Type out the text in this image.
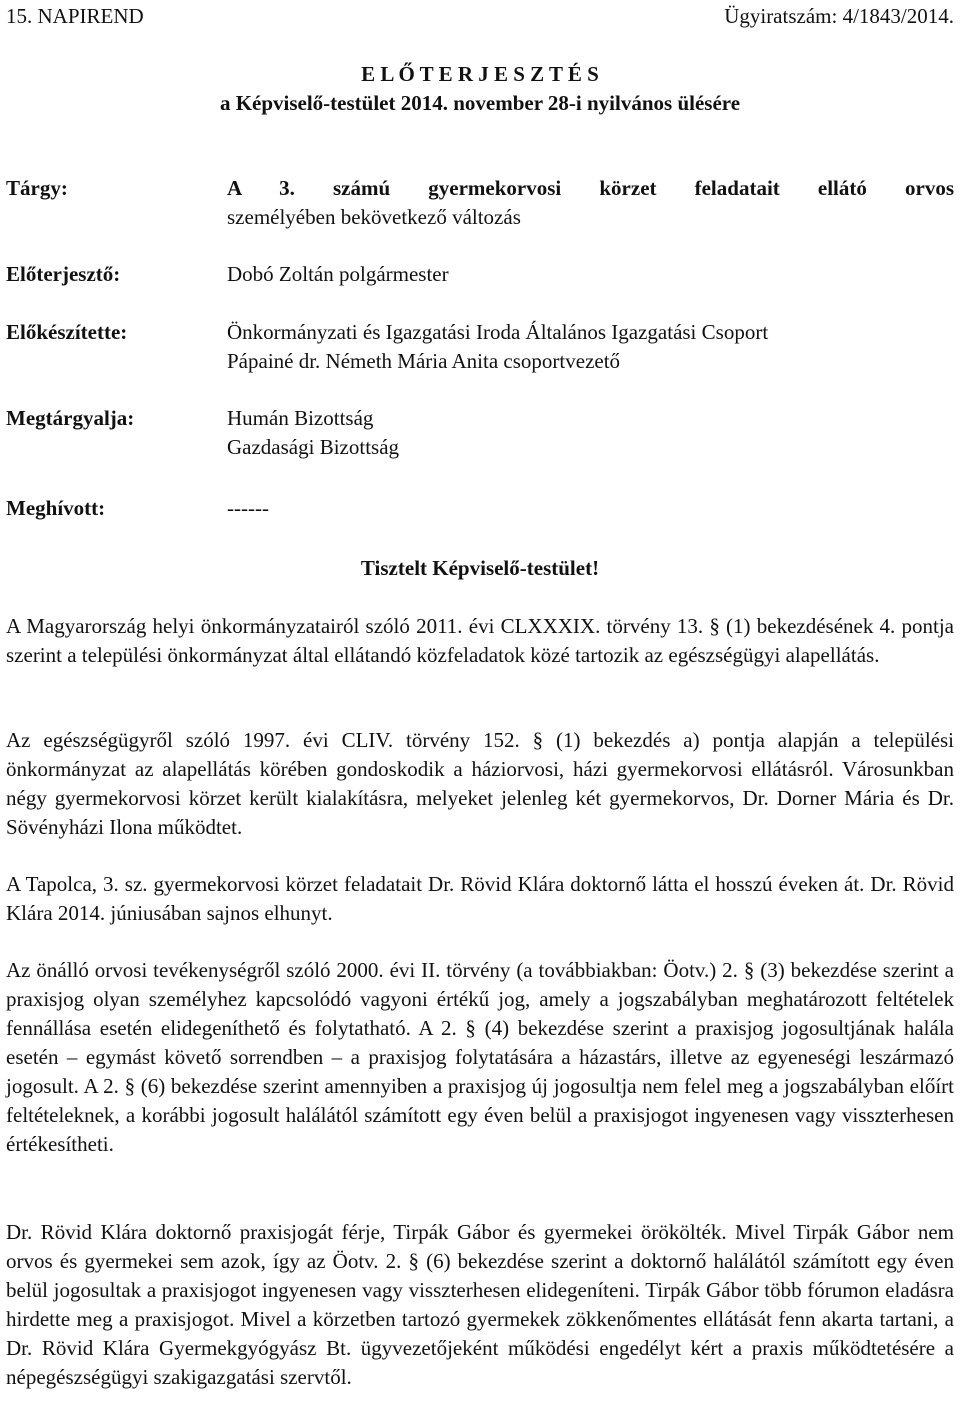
15. NAPIREND	Ügyiratszám: 4/1843/2014.
E L Ő T E R J E S Z T É S
a Képviselő-testület 2014. november 28-i nyilvános ülésére
Tárgy:	A 3. számú gyermekorvosi körzet feladatait ellátó orvos
személyében bekövetkező változás
Előterjesztő:	Dobó Zoltán polgármester
Előkészítette:	Önkormányzati és Igazgatási Iroda Általános Igazgatási Csoport
Pápainé dr. Németh Mária Anita csoportvezető
Megtárgyalja:	Humán Bizottság
Gazdasági Bizottság
Meghívott:	------
Tisztelt Képviselő-testület!
A Magyarország helyi önkormányzatairól szóló 2011. évi CLXXXIX. törvény 13. § (1) bekezdésének 4. pontja szerint a települési önkormányzat által ellátandó közfeladatok közé tartozik az egészségügyi alapellátás.
Az egészségügyről szóló 1997. évi CLIV. törvény 152. § (1) bekezdés a) pontja alapján a települési önkormányzat az alapellátás körében gondoskodik a háziorvosi, házi gyermekorvosi ellátásról. Városunkban négy gyermekorvosi körzet került kialakításra, melyeket jelenleg két gyermekorvos, Dr. Dorner Mária és Dr. Sövényházi Ilona működtet.
A Tapolca, 3. sz. gyermekorvosi körzet feladatait Dr. Rövid Klára doktornő látta el hosszú éveken át. Dr. Rövid Klára 2014. júniusában sajnos elhunyt.
Az önálló orvosi tevékenységről szóló 2000. évi II. törvény (a továbbiakban: Öotv.) 2. § (3) bekezdése szerint a praxisjog olyan személyhez kapcsolódó vagyoni értékű jog, amely a jogszabályban meghatározott feltételek fennállása esetén elidegeníthető és folytatható. A 2. § (4) bekezdése szerint a praxisjog jogosultjának halála esetén – egymást követő sorrendben – a praxisjog folytatására a házastárs, illetve az egyeneségi leszármazó jogosult. A 2. § (6) bekezdése szerint amennyiben a praxisjog új jogosultja nem felel meg a jogszabályban előírt feltételeknek, a korábbi jogosult halálától számított egy éven belül a praxisjogot ingyenesen vagy visszterhesen értékesítheti.
Dr. Rövid Klára doktornő praxisjogát férje, Tirpák Gábor és gyermekei örökölték. Mivel Tirpák Gábor nem orvos és gyermekei sem azok, így az Öotv. 2. § (6) bekezdése szerint a doktornő halálától számított egy éven belül jogosultak a praxisjogot ingyenesen vagy visszterhesen elidegeníteni. Tirpák Gábor több fórumon eladásra hirdette meg a praxisjogot. Mivel a körzetben tartozó gyermekek zökkenőmentes ellátását fenn akarta tartani, a Dr. Rövid Klára Gyermekgyógyász Bt. ügyvezetőjeként működési engedélyt kért a praxis működtetésére a népegészségügyi szakigazgatási szervtől.
